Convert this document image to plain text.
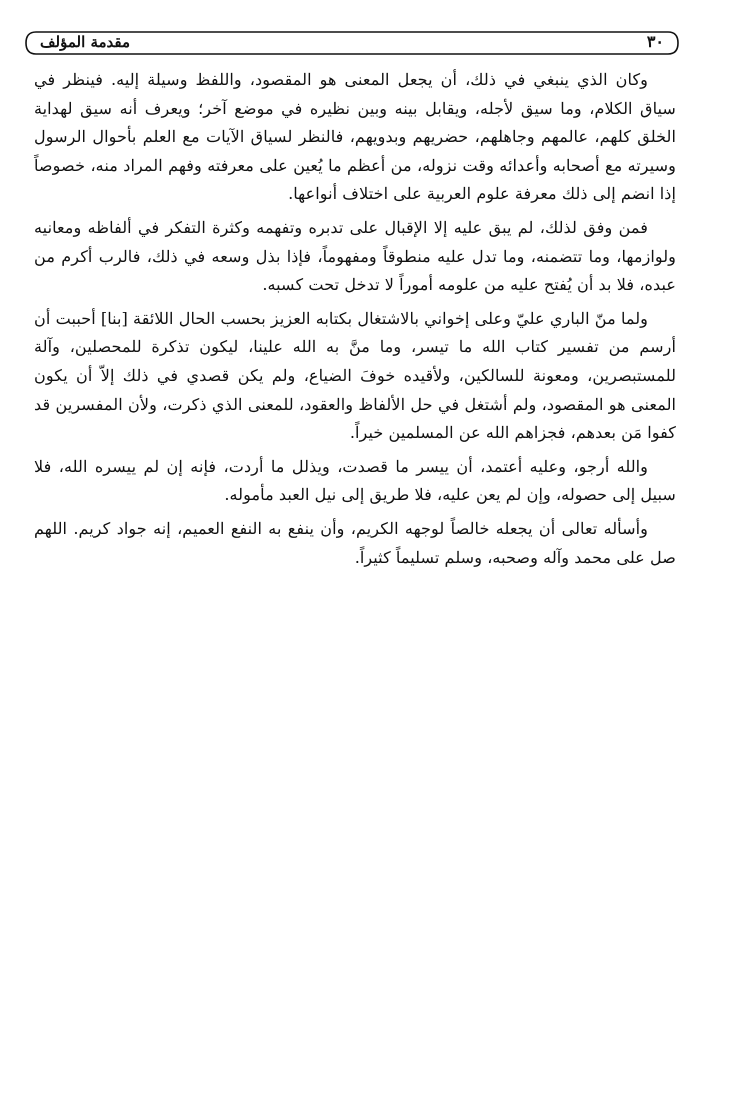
٣٠
مقدمة المؤلف

وكان الذي ينبغي في ذلك، أن يجعل المعنى هو المقصود، واللفظ وسيلة إليه. فينظر في سياق الكلام، وما سيق لأجله، ويقابل بينه وبين نظيره في موضع آخر؛ ويعرف أنه سيق لهداية الخلق كلهم، عالمهم وجاهلهم، حضريهم وبدويهم، فالنظر لسياق الآيات مع العلم بأحوال الرسول وسيرته مع أصحابه وأعدائه وقت نزوله، من أعظم ما يُعين على معرفته وفهم المراد منه، خصوصاً إذا انضم إلى ذلك معرفة علوم العربية على اختلاف أنواعها.

فمن وفق لذلك، لم يبق عليه إلا الإقبال على تدبره وتفهمه وكثرة التفكر في ألفاظه ومعانيه ولوازمها، وما تتضمنه، وما تدل عليه منطوقاً ومفهوماً، فإذا بذل وسعه في ذلك، فالرب أكرم من عبده، فلا بد أن يُفتح عليه من علومه أموراً لا تدخل تحت كسبه.

ولما منّ الباري عليّ وعلى إخواني بالاشتغال بكتابه العزيز بحسب الحال اللائقة [بنا] أحببت أن أرسم من تفسير كتاب الله ما تيسر، وما منَّ به الله علينا، ليكون تذكرة للمحصلين، وآلة للمستبصرين، ومعونة للسالكين، ولأقيده خوفَ الضياع، ولم يكن قصدي في ذلك إلاّ أن يكون المعنى هو المقصود، ولم أشتغل في حل الألفاظ والعقود، للمعنى الذي ذكرت، ولأن المفسرين قد كفوا مَن بعدهم، فجزاهم الله عن المسلمين خيراً.

والله أرجو، وعليه أعتمد، أن ييسر ما قصدت، ويذلل ما أردت، فإنه إن لم ييسره الله، فلا سبيل إلى حصوله، وإن لم يعن عليه، فلا طريق إلى نيل العبد مأموله.

وأسأله تعالى أن يجعله خالصاً لوجهه الكريم، وأن ينفع به النفع العميم، إنه جواد كريم. اللهم صل على محمد وآله وصحبه، وسلم تسليماً كثيراً.
